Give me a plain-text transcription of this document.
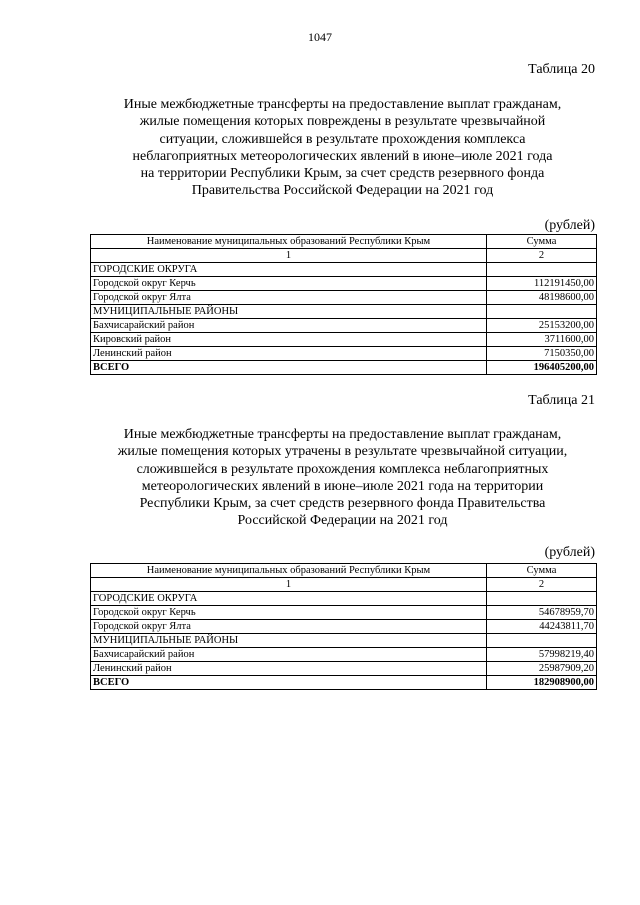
1047
Таблица 20
Иные межбюджетные трансферты на предоставление выплат гражданам,
жилые помещения которых повреждены в результате чрезвычайной
ситуации, сложившейся в результате прохождения комплекса
неблагоприятных метеорологических явлений в июне–июле 2021 года
на территории Республики Крым, за счет средств резервного фонда
Правительства Российской Федерации на 2021 год
(рублей)
Наименование муниципальных образований Республики Крым	Сумма
1	2
ГОРОДСКИЕ ОКРУГА	
Городской округ Керчь	112191450,00
Городской округ Ялта	48198600,00
МУНИЦИПАЛЬНЫЕ РАЙОНЫ	
Бахчисарайский район	25153200,00
Кировский район	3711600,00
Ленинский район	7150350,00
ВСЕГО	196405200,00
Таблица 21
Иные межбюджетные трансферты на предоставление выплат гражданам,
жилые помещения которых утрачены в результате чрезвычайной ситуации,
сложившейся в результате прохождения комплекса неблагоприятных
метеорологических явлений в июне–июле 2021 года на территории
Республики Крым, за счет средств резервного фонда Правительства
Российской Федерации на 2021 год
(рублей)
Наименование муниципальных образований Республики Крым	Сумма
1	2
ГОРОДСКИЕ ОКРУГА	
Городской округ Керчь	54678959,70
Городской округ Ялта	44243811,70
МУНИЦИПАЛЬНЫЕ РАЙОНЫ	
Бахчисарайский район	57998219,40
Ленинский район	25987909,20
ВСЕГО	182908900,00
